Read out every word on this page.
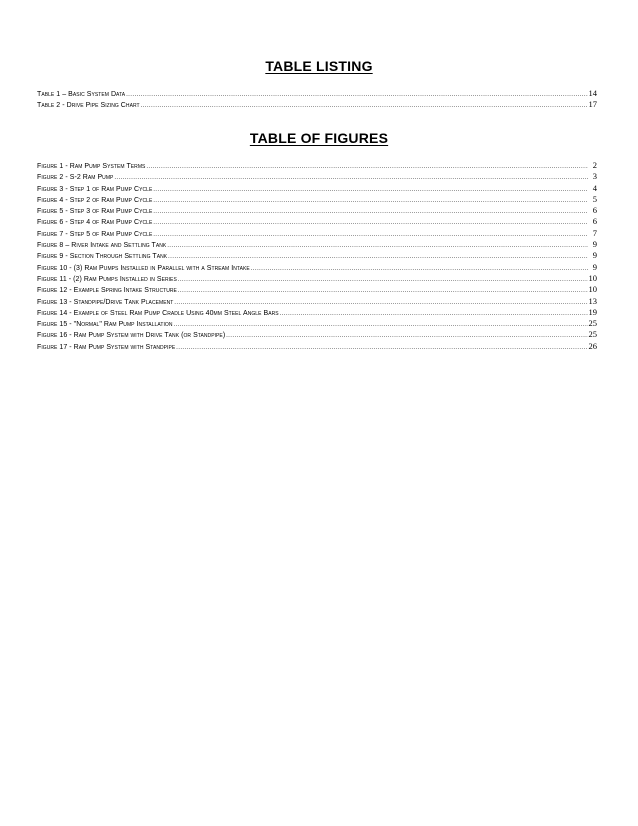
TABLE LISTING
Table 1 – Basic System Data .....	14
Table 2 - Drive Pipe Sizing Chart .....	17
TABLE OF FIGURES
Figure 1 - Ram Pump System Terms .....	2
Figure 2 - S-2 Ram Pump .....	3
Figure 3 - Step 1 of Ram Pump Cycle .....	4
Figure 4 - Step 2 of Ram Pump Cycle .....	5
Figure 5 - Step 3 of Ram Pump Cycle .....	6
Figure 6 - Step 4 of Ram Pump Cycle .....	6
Figure 7 - Step 5 of Ram Pump Cycle .....	7
Figure 8 – River Intake and Settling Tank .....	9
Figure 9 - Section Through Settling Tank .....	9
Figure 10 - (3) Ram Pumps Installed in Parallel with a Stream Intake .....	9
Figure 11 - (2) Ram Pumps Installed in Series .....	10
Figure 12 - Example Spring Intake Structure .....	10
Figure 13 - Standpipe/Drive Tank Placement .....	13
Figure 14 - Example of Steel Ram Pump Cradle Using 40mm Steel Angle Bars .....	19
Figure 15 - "Normal" Ram Pump Installation .....	25
Figure 16 - Ram Pump System with Drive Tank (or Standpipe) .....	25
Figure 17 - Ram Pump System with Standpipe .....	26
